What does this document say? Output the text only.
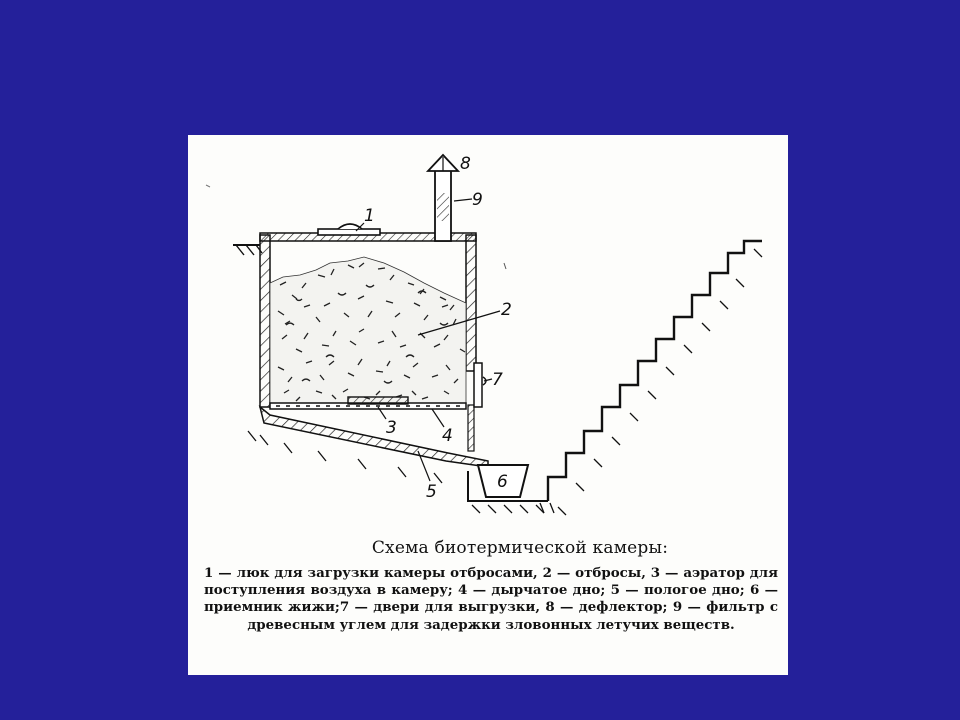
1
2
3	4
5	6
7
8
9
Схема биотермической камеры:
1 — люк для загрузки камеры отбросами, 2 — отбросы, 3 — аэратор для поступления воздуха в камеру; 4 — дырчатое дно; 5 — пологое дно; 6 — приемник жижи;7 — двери для выгрузки, 8 — дефлектор; 9 — фильтр с древесным углем для задержки зловонных летучих веществ.
